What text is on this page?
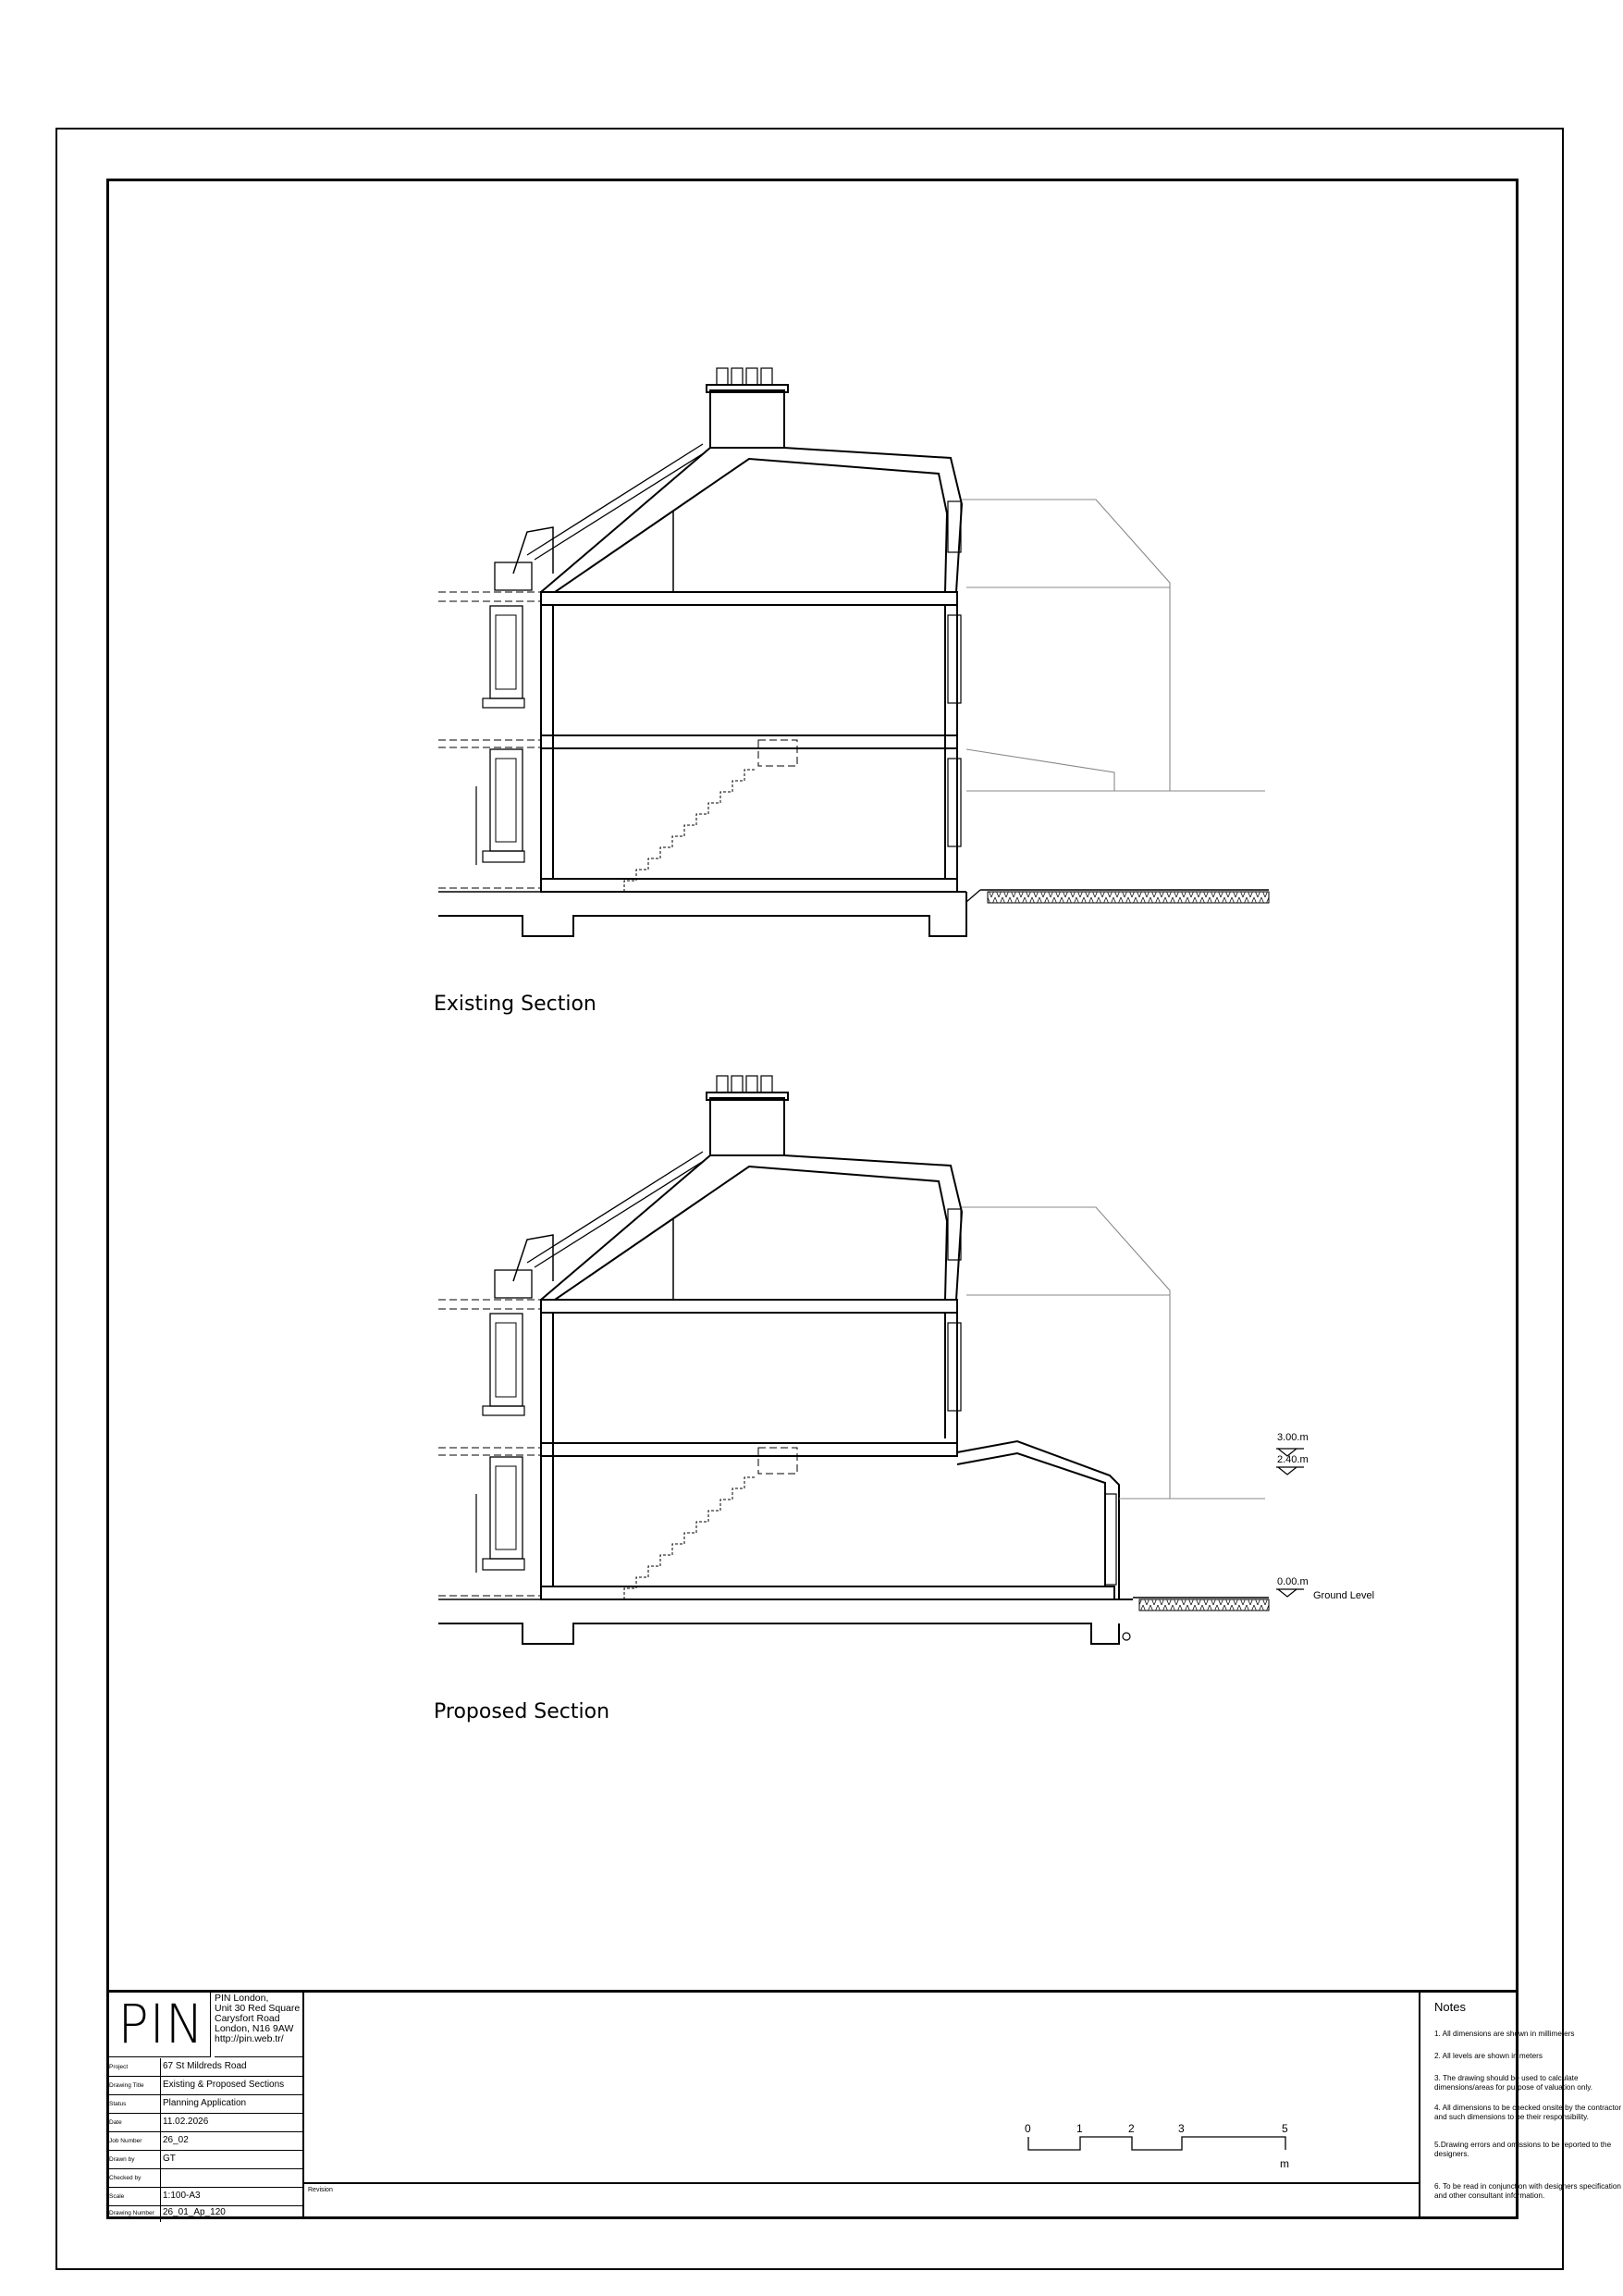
Existing Section
Proposed Section
3.00.m
2.40.m
0.00.m
Ground Level
0	1	2	3	5
m
PIN PIN London,
Unit 30 Red Square
Carysfort Road
London, N16 9AW
http://pin.web.tr/
Project	67 St Mildreds Road
Drawing Title	Existing & Proposed Sections
Status	Planning Application
Date	11.02.2026
Job Number	26_02
Drawn by	GT
Checked by
Scale	1:100-A3
Drawing Number 26_01_Ap_120
Revision
Notes
1. All dimensions are shown in millimeters
2. All levels are shown in meters
3. The drawing should be used to calculate dimensions/areas for purpose of valuation only.
4. All dimensions to be checked onsite by the contractor and such dimensions to be their responsibility.
5.Drawing errors and omissions to be reported to the designers.
6. To be read in conjunction with designers specification and other consultant information.
